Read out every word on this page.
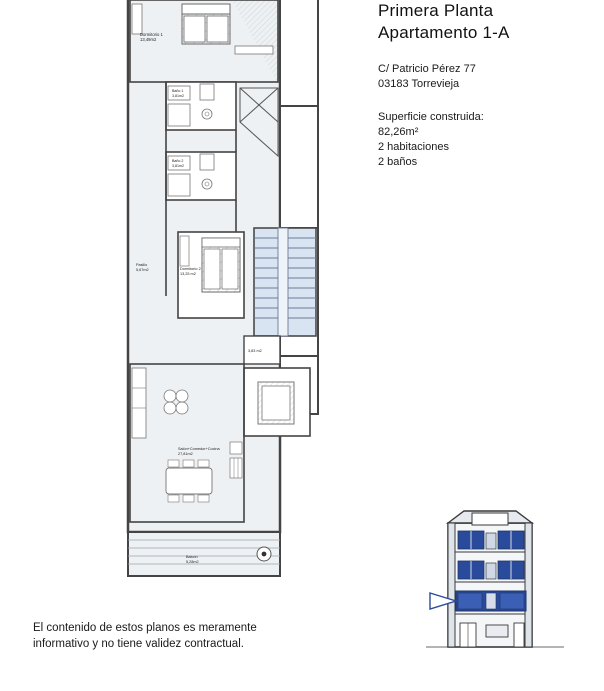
Dormitorio 1
13,49m2
Baño 1
3,81m2
Baño 2
3,81m2
Pasillo
5,67m2	Dormitorio 2
13,25 m2
3,83 m2
Salón+Comedor+Cocina
27,81m2
Balcón
5,28m2
Primera Planta
Apartamento 1-A
C/ Patricio Pérez 77
03183 Torrevieja
Superficie construida:
82,26m²
2 habitaciones
2 baños
El contenido de estos planos es meramente
informativo y no tiene validez contractual.
